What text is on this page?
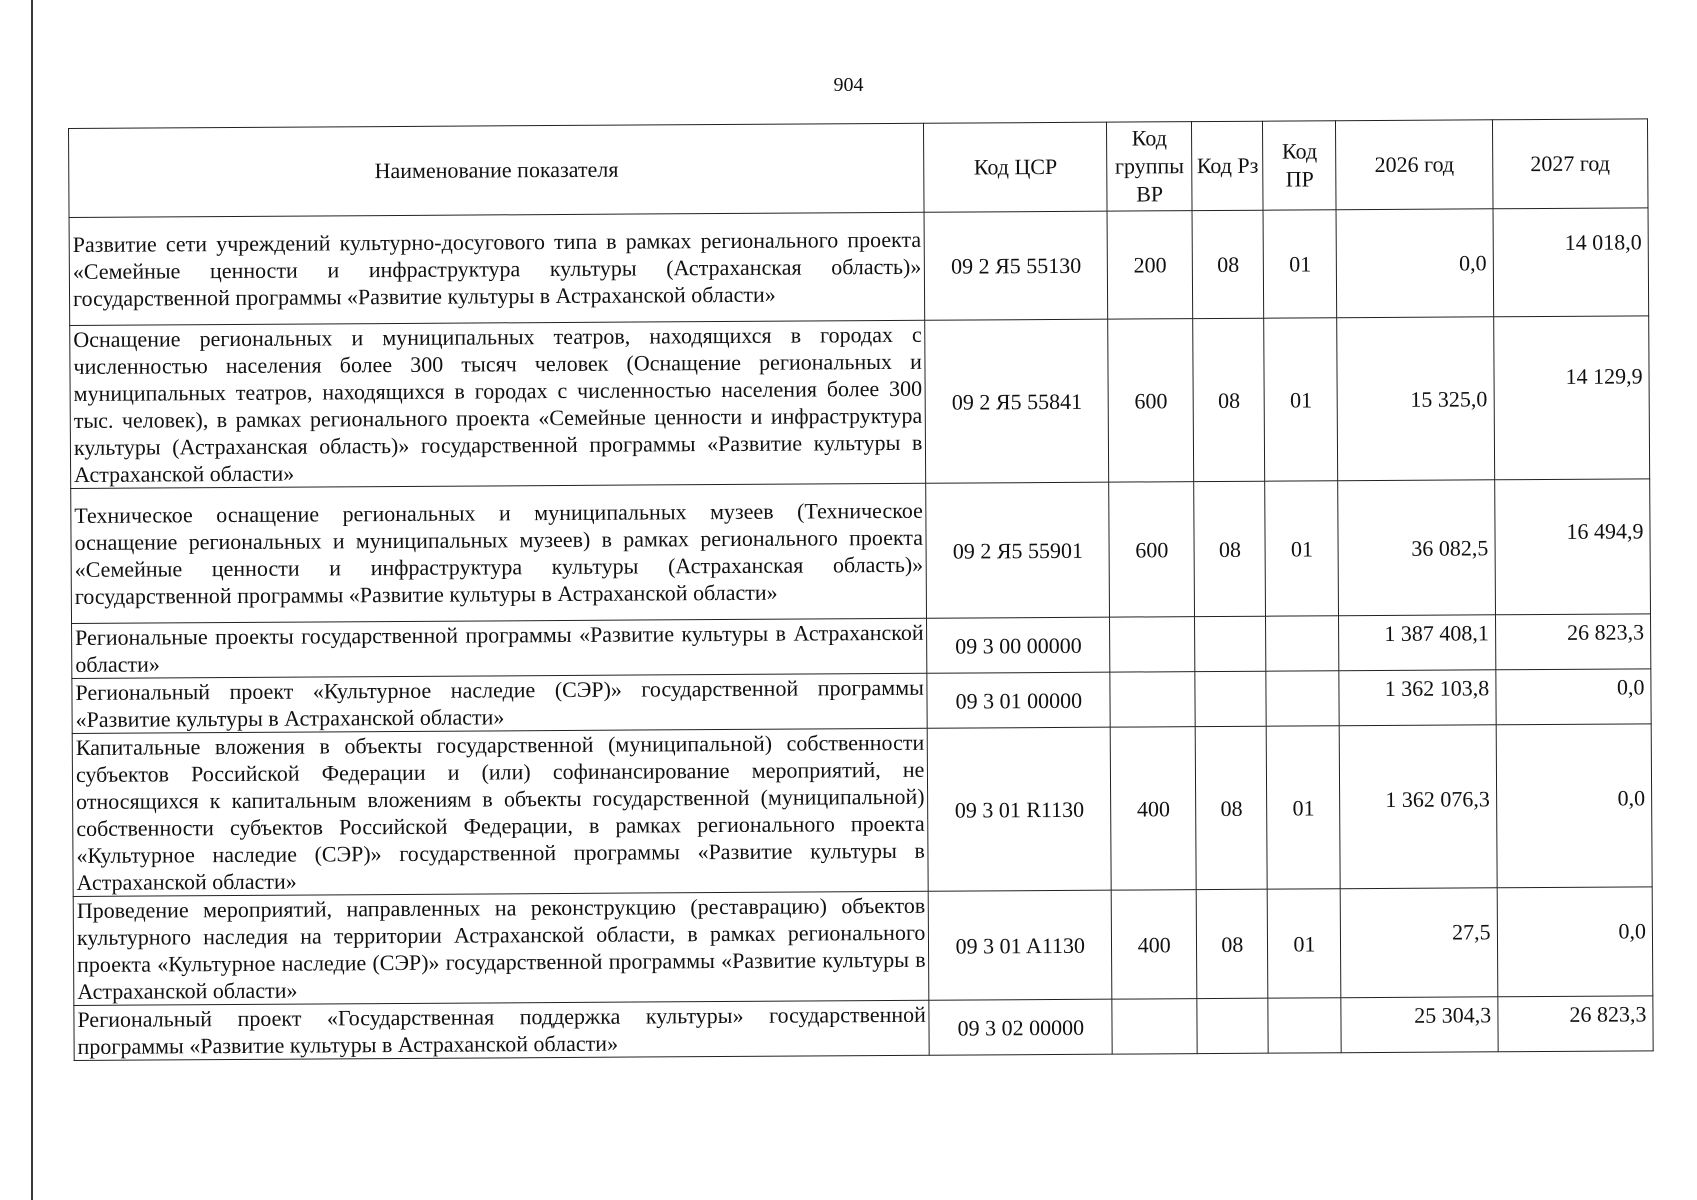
904
Наименование показателя	Код ЦСР	Код группы ВР	Код Рз	Код ПР	2026 год	2027 год
Развитие сети учреждений культурно-досугового типа в рамках регионального проекта «Семейные ценности и инфраструктура культуры (Астраханская область)» государственной программы «Развитие культуры в Астраханской области»	09 2 Я5 55130	200	08	01	0,0	14 018,0
Оснащение региональных и муниципальных театров, находящихся в городах с численностью населения более 300 тысяч человек (Оснащение региональных и муниципальных театров, находящихся в городах с численностью населения более 300 тыс. человек), в рамках регионального проекта «Семейные ценности и инфраструктура культуры (Астраханская область)» государственной программы «Развитие культуры в Астраханской области»	09 2 Я5 55841	600	08	01	15 325,0	14 129,9
Техническое оснащение региональных и муниципальных музеев (Техническое оснащение региональных и муниципальных музеев) в рамках регионального проекта «Семейные ценности и инфраструктура культуры (Астраханская область)» государственной программы «Развитие культуры в Астраханской области»	09 2 Я5 55901	600	08	01	36 082,5	16 494,9
Региональные проекты государственной программы «Развитие культуры в Астраханской области»	09 3 00 00000				1 387 408,1	26 823,3
Региональный проект «Культурное наследие (СЭР)» государственной программы «Развитие культуры в Астраханской области»	09 3 01 00000				1 362 103,8	0,0
Капитальные вложения в объекты государственной (муниципальной) собственности субъектов Российской Федерации и (или) софинансирование мероприятий, не относящихся к капитальным вложениям в объекты государственной (муниципальной) собственности субъектов Российской Федерации, в рамках регионального проекта «Культурное наследие (СЭР)» государственной программы «Развитие культуры в Астраханской области»	09 3 01 R1130	400	08	01	1 362 076,3	0,0
Проведение мероприятий, направленных на реконструкцию (реставрацию) объектов культурного наследия на территории Астраханской области, в рамках регионального проекта «Культурное наследие (СЭР)» государственной программы «Развитие культуры в Астраханской области»	09 3 01 A1130	400	08	01	27,5	0,0
Региональный проект «Государственная поддержка культуры» государственной программы «Развитие культуры в Астраханской области»	09 3 02 00000				25 304,3	26 823,3
